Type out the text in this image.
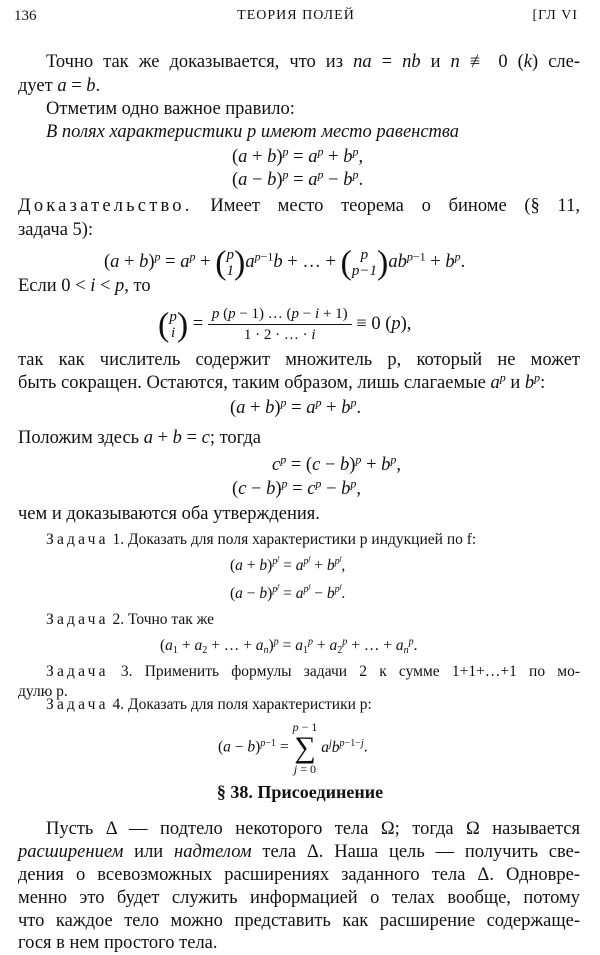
136	ТЕОРИЯ ПОЛЕЙ	[ГЛ VI
Точно так же доказывается, что из na = nb и n ≢ 0 (k) сле-
дует a = b.
Отметим одно важное правило:
В полях характеристики p имеют место равенства
$(a + b)^p = a^p + b^p$,
$(a - b)^p = a^p - b^p$.
Доказательство. Имеет место теорема о биноме (§ 11,
задача 5):
$(a + b)^p = a^p + (p$
$1)a^{p-1}b$ + … + ( p
$p-1)ab^{p-1} + b^p$.
Если 0 < i < p, то
(p
$i) = \frac{p (p - 1) \dots (p - i + 1)}{1 \cdot 2 \cdot \dots \cdot i} \equiv 0$ (p),
так как числитель содержит множитель p, который не может
быть сокращен. Остаются, таким образом, лишь слагаемые $a^p$ и $b^p$:
$(a + b)^p = a^p + b^p$.
Положим здесь a + b = c; тогда
$c^p = (c - b)^p + b^p$,
$(c - b)^p = c^p - b^p$,
чем и доказываются оба утверждения.
Задача 1. Доказать для поля характеристики p индукцией по f:
$(a + b)^{p^f} = a^{p^f} + b^{p^f}$,
$(a - b)^{p^f} = a^{p^f} - b^{p^f}$.
Задача 2. Точно так же
($a_1 + a_2$ + … + $a_n)^p = a_1^p + a_2^p$ + … + $a_n^p$.
Задача 3. Применить формулы задачи 2 к сумме 1+1+…+1 по мо-
дулю p.
Задача 4. Доказать для поля характеристики p:
$(a - b)^{p-1} = p - 1$
∑
j = 0 $a^jb^{p-1-j}$.
§ 38. Присоединение
Пусть Δ — подтело некоторого тела Ω; тогда Ω называется
расширением или надтелом тела Δ. Наша цель — получить све-
дения о всевозможных расширениях заданного тела Δ. Одновре-
менно это будет служить информацией о телах вообще, потому
что каждое тело можно представить как расширение содержаще-
гося в нем простого тела.
